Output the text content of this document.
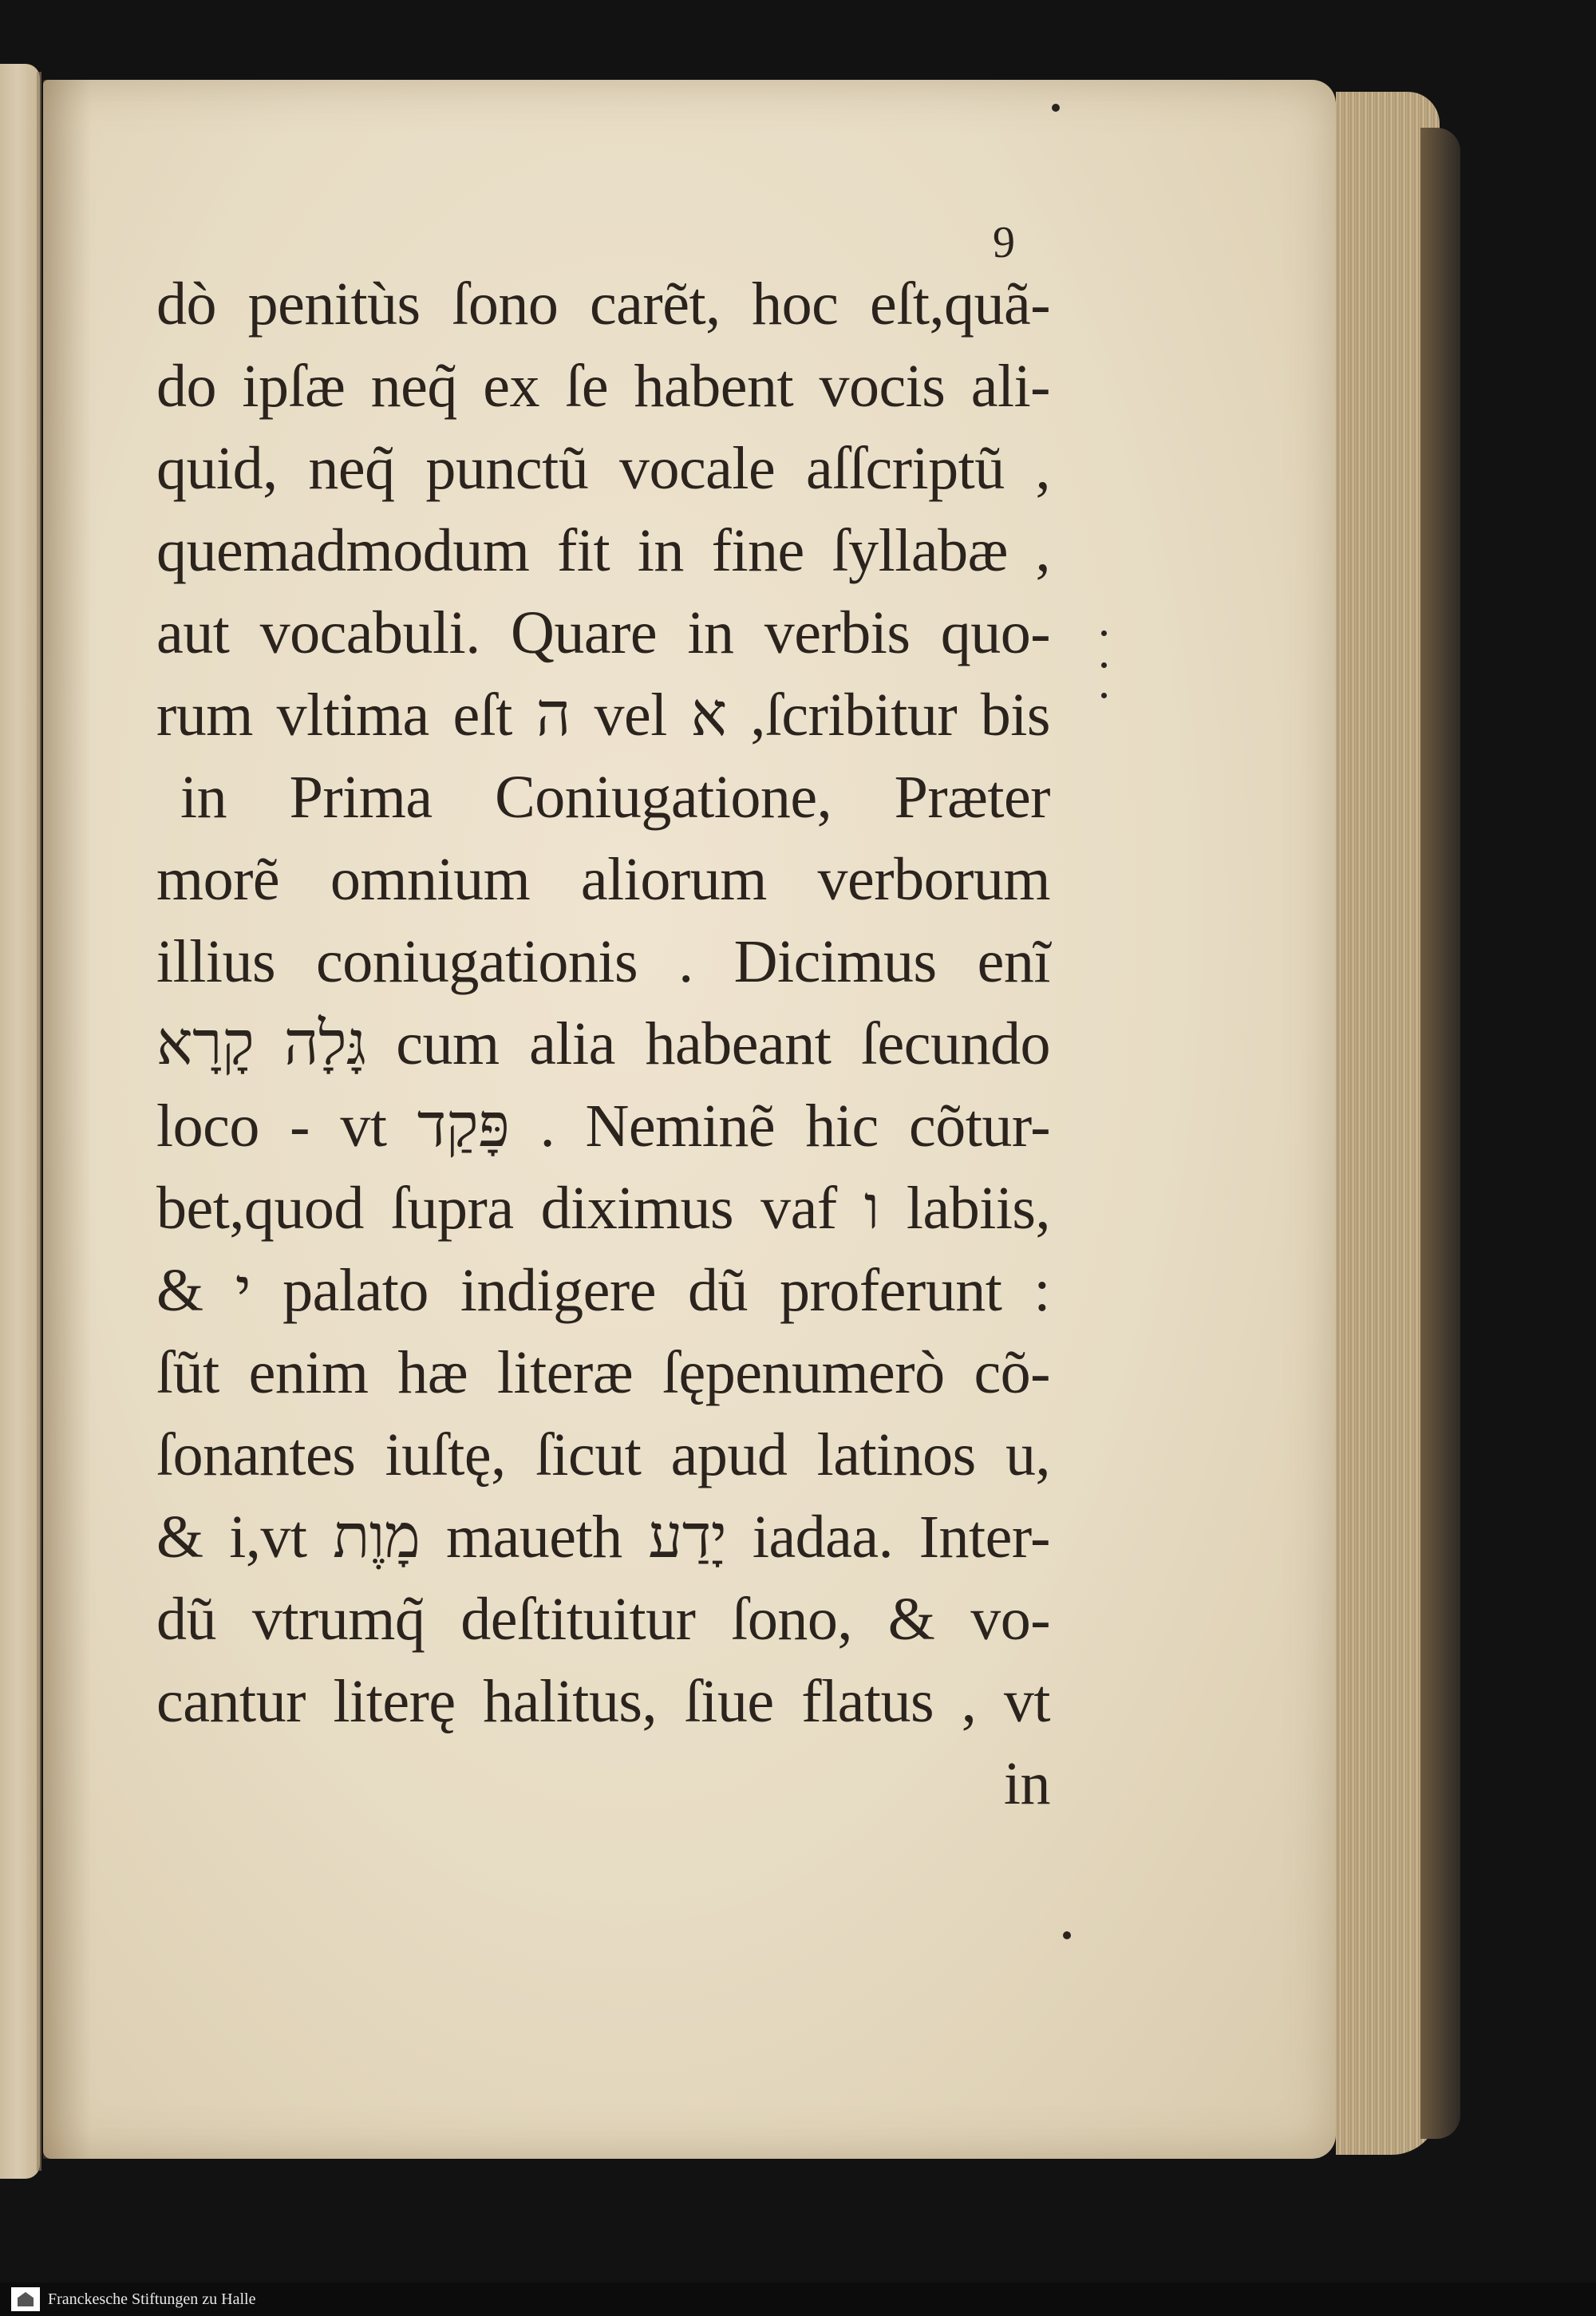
9
dò penitùs ſono carẽt, hoc eſt,quã-
do ipſæ neq̃ ex ſe habent vocis ali-
quid, neq̃ punctũ vocale aſſcriptũ ,
quemadmodum fit in fine ſyllabæ ,
aut vocabuli. Quare in verbis quo-
rum vltima eſt ה vel א ,ſcribitur bis
in Prima Coniugatione, Præter
morẽ omnium aliorum verborum
illius coniugationis . Dicimus enĩ
גָּלָה קָרָא cum alia habeant ſecundo
loco - vt פָּקַד . Neminẽ hic cõtur-
bet,quod ſupra diximus vaf ו labiis,
& י palato indigere dũ proferunt :
ſũt enim hæ literæ ſępenumerò cõ-
ſonantes iuſtę, ſicut apud latinos u,
& i,vt מָוֶת maueth יָדַע iadaa. Inter-
dũ vtrumq̃ deſtituitur ſono, & vo-
cantur literę halitus, ſiue flatus , vt
in
Franckesche Stiftungen zu Halle
